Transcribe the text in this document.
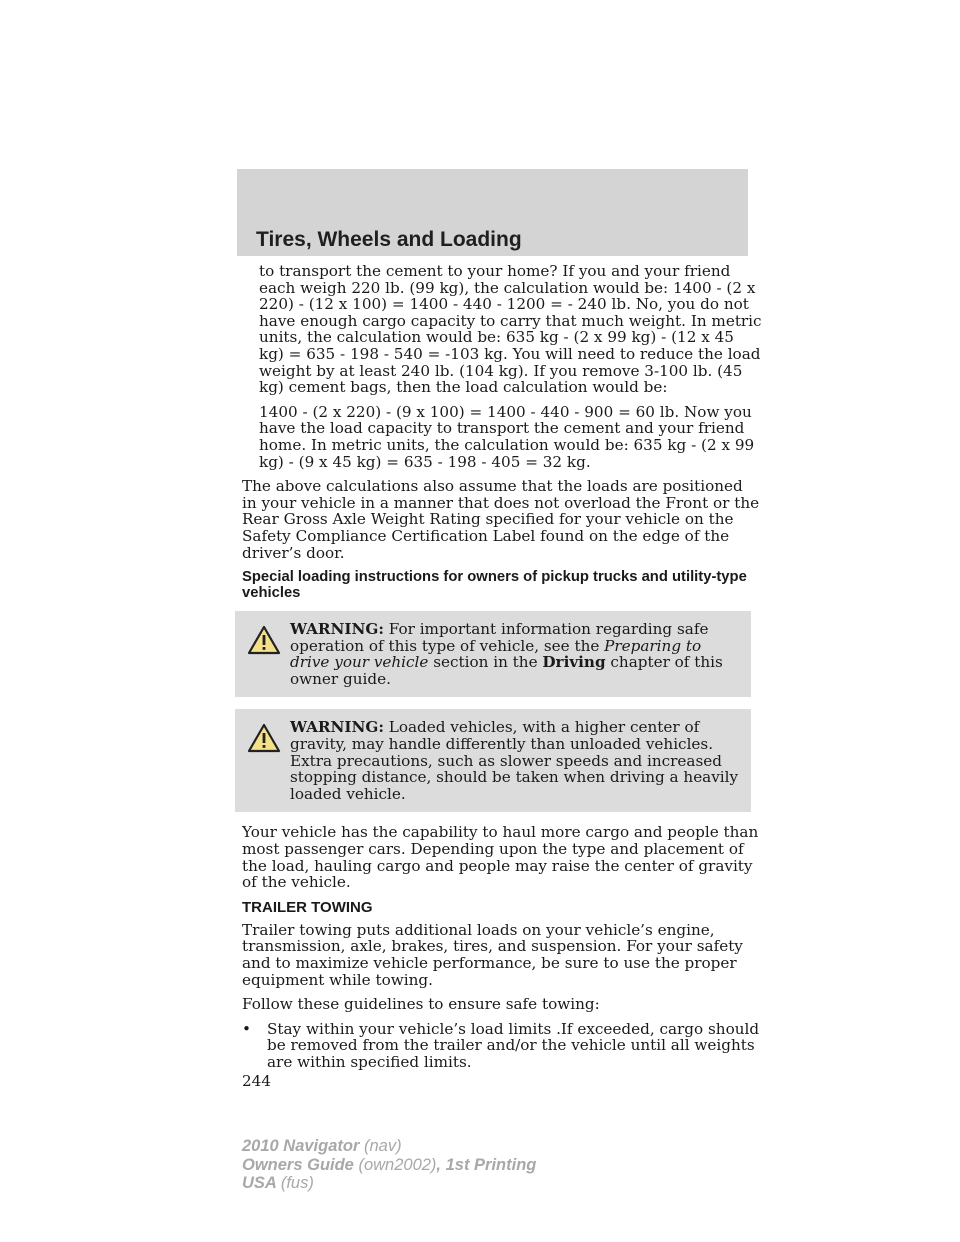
Tires, Wheels and Loading

to transport the cement to your home? If you and your friend each weigh 220 lb. (99 kg), the calculation would be: 1400 - (2 x 220) - (12 x 100) = 1400 - 440 - 1200 = - 240 lb. No, you do not have enough cargo capacity to carry that much weight. In metric units, the calculation would be: 635 kg - (2 x 99 kg) - (12 x 45 kg) = 635 - 198 - 540 = -103 kg. You will need to reduce the load weight by at least 240 lb. (104 kg). If you remove 3-100 lb. (45 kg) cement bags, then the load calculation would be:

1400 - (2 x 220) - (9 x 100) = 1400 - 440 - 900 = 60 lb. Now you have the load capacity to transport the cement and your friend home. In metric units, the calculation would be: 635 kg - (2 x 99 kg) - (9 x 45 kg) = 635 - 198 - 405 = 32 kg.

The above calculations also assume that the loads are positioned in your vehicle in a manner that does not overload the Front or the Rear Gross Axle Weight Rating specified for your vehicle on the Safety Compliance Certification Label found on the edge of the driver’s door.

Special loading instructions for owners of pickup trucks and utility-type vehicles
WARNING: For important information regarding safe operation of this type of vehicle, see the Preparing to drive your vehicle section in the Driving chapter of this owner guide.
WARNING: Loaded vehicles, with a higher center of gravity, may handle differently than unloaded vehicles. Extra precautions, such as slower speeds and increased stopping distance, should be taken when driving a heavily loaded vehicle.

Your vehicle has the capability to haul more cargo and people than most passenger cars. Depending upon the type and placement of the load, hauling cargo and people may raise the center of gravity of the vehicle.

TRAILER TOWING

Trailer towing puts additional loads on your vehicle’s engine, transmission, axle, brakes, tires, and suspension. For your safety and to maximize vehicle performance, be sure to use the proper equipment while towing.

Follow these guidelines to ensure safe towing:

•	Stay within your vehicle’s load limits .If exceeded, cargo should be removed from the trailer and/or the vehicle until all weights are within specified limits.
244
2010 Navigator (nav)
Owners Guide (own2002), 1st Printing
USA (fus)
